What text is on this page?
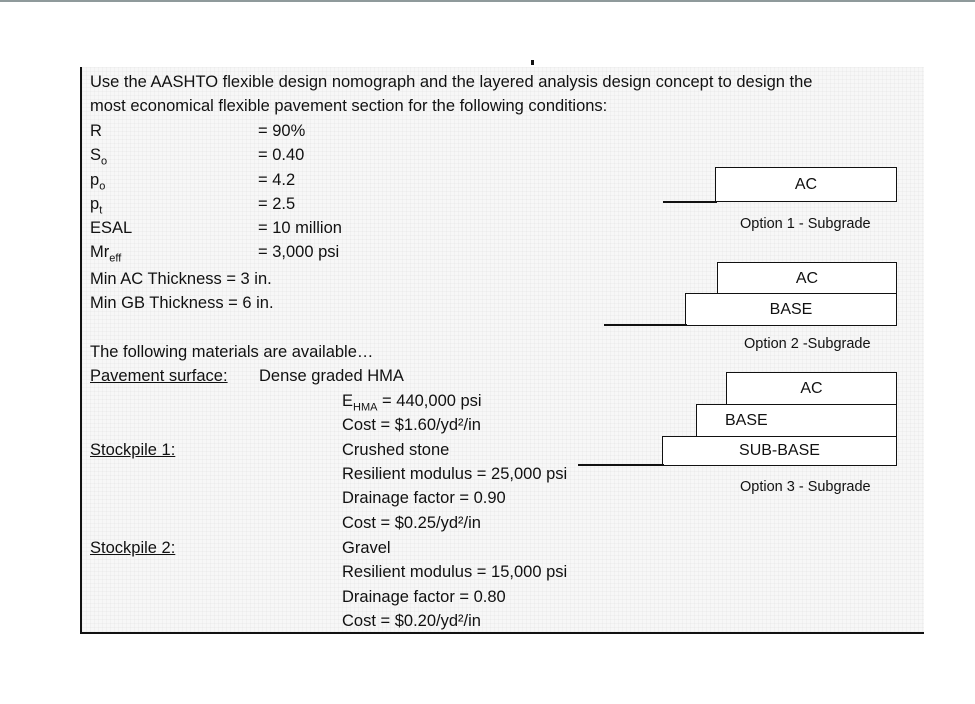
Use the AASHTO flexible design nomograph and the layered analysis design concept to design the
most economical flexible pavement section for the following conditions:
R	= 90%
$S_o$	= 0.40
$p_o$	= 4.2
$p_t$	= 2.5
ESAL	= 10 million
$Mr_{eff}$	= 3,000 psi
Min AC Thickness = 3 in.
Min GB Thickness = 6 in.
The following materials are available…
Pavement surface: Dense graded HMA
$E_{HMA} = 440,000$ psi
Cost = $1.60/yd²/in
Stockpile 1:	Crushed stone
Resilient modulus = 25,000 psi
Drainage factor = 0.90
Cost = $0.25/yd²/in
Stockpile 2:	Gravel
Resilient modulus = 15,000 psi
Drainage factor = 0.80
Cost = $0.20/yd²/in
AC
Option 1 - Subgrade
AC
BASE
Option 2 -Subgrade
AC
BASE
SUB-BASE
Option 3 - Subgrade
